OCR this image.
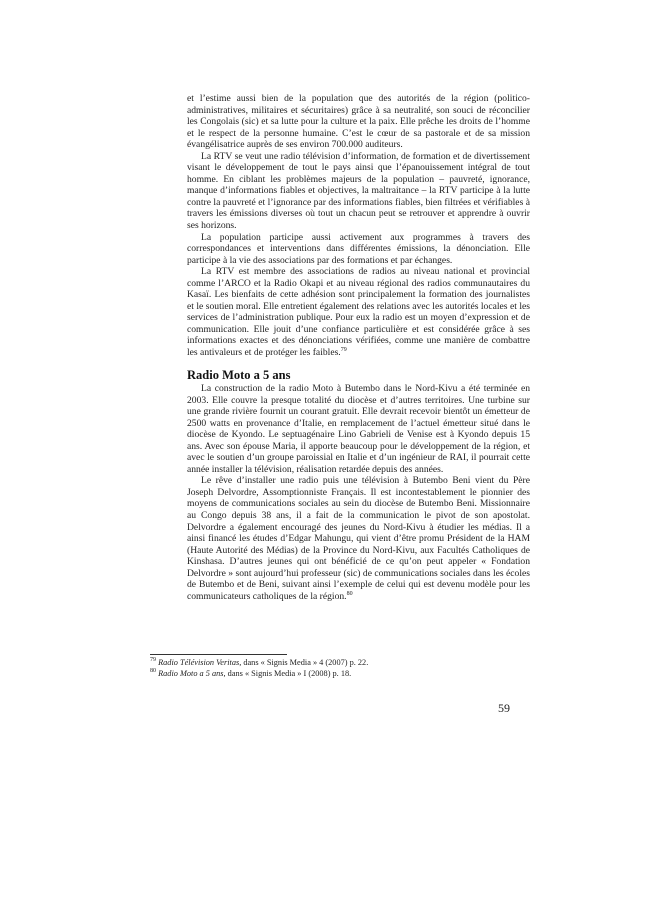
et l’estime aussi bien de la population que des autorités de la région (politico-administratives, militaires et sécuritaires) grâce à sa neutralité, son souci de réconcilier les Congolais (sic) et sa lutte pour la culture et la paix. Elle prêche les droits de l’homme et le respect de la personne humaine. C’est le cœur de sa pastorale et de sa mission évangélisatrice auprès de ses environ 700.000 auditeurs.

La RTV se veut une radio télévision d’information, de formation et de divertissement visant le développement de tout le pays ainsi que l’épanouissement intégral de tout homme. En ciblant les problèmes majeurs de la population – pauvreté, ignorance, manque d’informations fiables et objectives, la maltraitance – la RTV participe à la lutte contre la pauvreté et l’ignorance par des informations fiables, bien filtrées et vérifiables à travers les émissions diverses où tout un chacun peut se retrouver et apprendre à ouvrir ses horizons.

La population participe aussi activement aux programmes à travers des correspondances et interventions dans différentes émissions, la dénonciation. Elle participe à la vie des associations par des formations et par échanges.

La RTV est membre des associations de radios au niveau national et provincial comme l’ARCO et la Radio Okapi et au niveau régional des radios communautaires du Kasaï. Les bienfaits de cette adhésion sont principalement la formation des journalistes et le soutien moral. Elle entretient également des relations avec les autorités locales et les services de l’administration publique. Pour eux la radio est un moyen d’expression et de communication. Elle jouit d’une confiance particulière et est considérée grâce à ses informations exactes et des dénonciations vérifiées, comme une manière de combattre les antivaleurs et de protéger les faibles.$^{79}$

Radio Moto a 5 ans

La construction de la radio Moto à Butembo dans le Nord-Kivu a été terminée en 2003. Elle couvre la presque totalité du diocèse et d’autres territoires. Une turbine sur une grande rivière fournit un courant gratuit. Elle devrait recevoir bientôt un émetteur de 2500 watts en provenance d’Italie, en remplacement de l’actuel émetteur situé dans le diocèse de Kyondo. Le septuagénaire Lino Gabrieli de Venise est à Kyondo depuis 15 ans. Avec son épouse Maria, il apporte beaucoup pour le développement de la région, et avec le soutien d’un groupe paroissial en Italie et d’un ingénieur de RAI, il pourrait cette année installer la télévision, réalisation retardée depuis des années.

Le rêve d’installer une radio puis une télévision à Butembo Beni vient du Père Joseph Delvordre, Assomptionniste Français. Il est incontestablement le pionnier des moyens de communications sociales au sein du diocèse de Butembo Beni. Missionnaire au Congo depuis 38 ans, il a fait de la communication le pivot de son apostolat. Delvordre a également encouragé des jeunes du Nord-Kivu à étudier les médias. Il a ainsi financé les études d’Edgar Mahungu, qui vient d’être promu Président de la HAM (Haute Autorité des Médias) de la Province du Nord-Kivu, aux Facultés Catholiques de Kinshasa. D’autres jeunes qui ont bénéficié de ce qu’on peut appeler « Fondation Delvordre » sont aujourd’hui professeur (sic) de communications sociales dans les écoles de Butembo et de Beni, suivant ainsi l’exemple de celui qui est devenu modèle pour les communicateurs catholiques de la région.$^{80}$

$^{79}$ Radio Télévision Veritas, dans « Signis Media » 4 (2007) p. 22.

$^{80}$ Radio Moto a 5 ans, dans « Signis Media » I (2008) p. 18.

59
